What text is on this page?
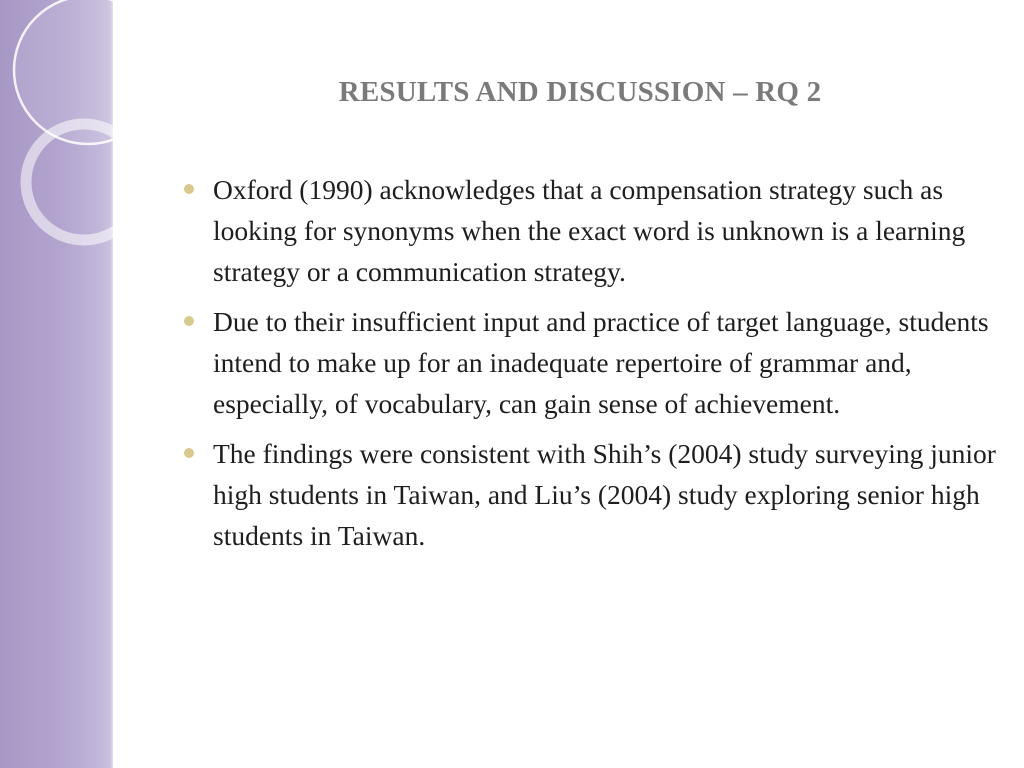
RESULTS AND DISCUSSION – RQ 2
Oxford (1990) acknowledges that a compensation strategy such as looking for synonyms when the exact word is unknown is a learning strategy or a communication strategy.
Due to their insufficient input and practice of target language, students intend to make up for an inadequate repertoire of grammar and, especially, of vocabulary, can gain sense of achievement.
The findings were consistent with Shih’s (2004) study surveying junior high students in Taiwan, and Liu’s (2004) study exploring senior high students in Taiwan.
